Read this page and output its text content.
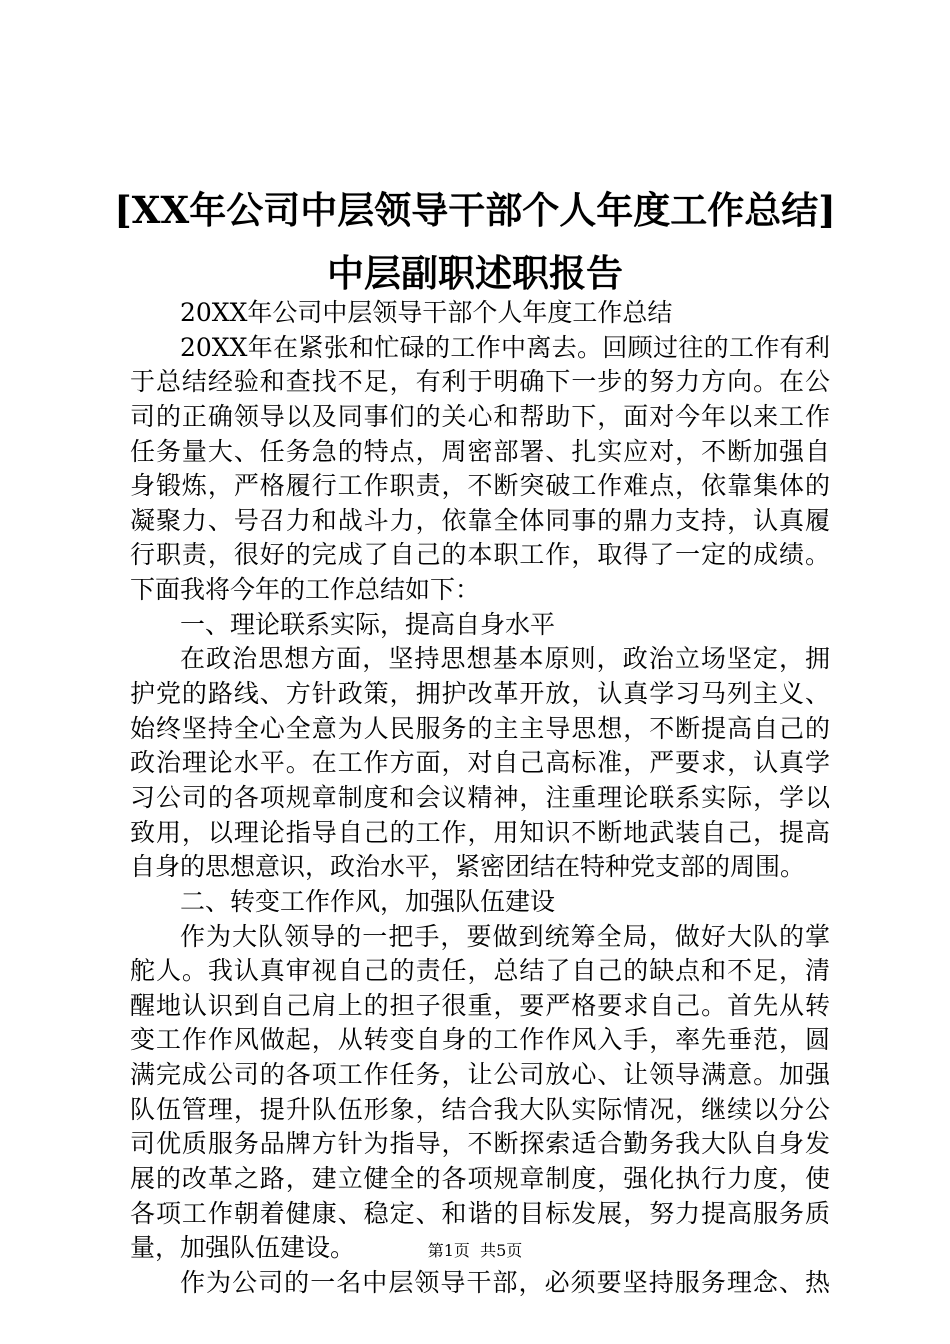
[XX年公司中层领导干部个人年度工作总结]
中层副职述职报告
20XX年公司中层领导干部个人年度工作总结
20XX年在紧张和忙碌的工作中离去。回顾过往的工作有利
于总结经验和查找不足，有利于明确下一步的努力方向。在公
司的正确领导以及同事们的关心和帮助下，面对今年以来工作
任务量大、任务急的特点，周密部署、扎实应对，不断加强自
身锻炼，严格履行工作职责，不断突破工作难点，依靠集体的
凝聚力、号召力和战斗力，依靠全体同事的鼎力支持，认真履
行职责，很好的完成了自己的本职工作，取得了一定的成绩。
下面我将今年的工作总结如下：
一、理论联系实际，提高自身水平
在政治思想方面，坚持思想基本原则，政治立场坚定，拥
护党的路线、方针政策，拥护改革开放，认真学习马列主义、
始终坚持全心全意为人民服务的主主导思想，不断提高自己的
政治理论水平。在工作方面，对自己高标准，严要求，认真学
习公司的各项规章制度和会议精神，注重理论联系实际，学以
致用，以理论指导自己的工作，用知识不断地武装自己，提高
自身的思想意识，政治水平，紧密团结在特种党支部的周围。
二、转变工作作风，加强队伍建设
作为大队领导的一把手，要做到统筹全局，做好大队的掌
舵人。我认真审视自己的责任，总结了自己的缺点和不足，清
醒地认识到自己肩上的担子很重，要严格要求自己。首先从转
变工作作风做起，从转变自身的工作作风入手，率先垂范，圆
满完成公司的各项工作任务，让公司放心、让领导满意。加强
队伍管理，提升队伍形象，结合我大队实际情况，继续以分公
司优质服务品牌方针为指导，不断探索适合勤务我大队自身发
展的改革之路，建立健全的各项规章制度，强化执行力度，使
各项工作朝着健康、稳定、和谐的目标发展，努力提高服务质
量，加强队伍建设。
作为公司的一名中层领导干部，必须要坚持服务理念、热
第1页  共5页
